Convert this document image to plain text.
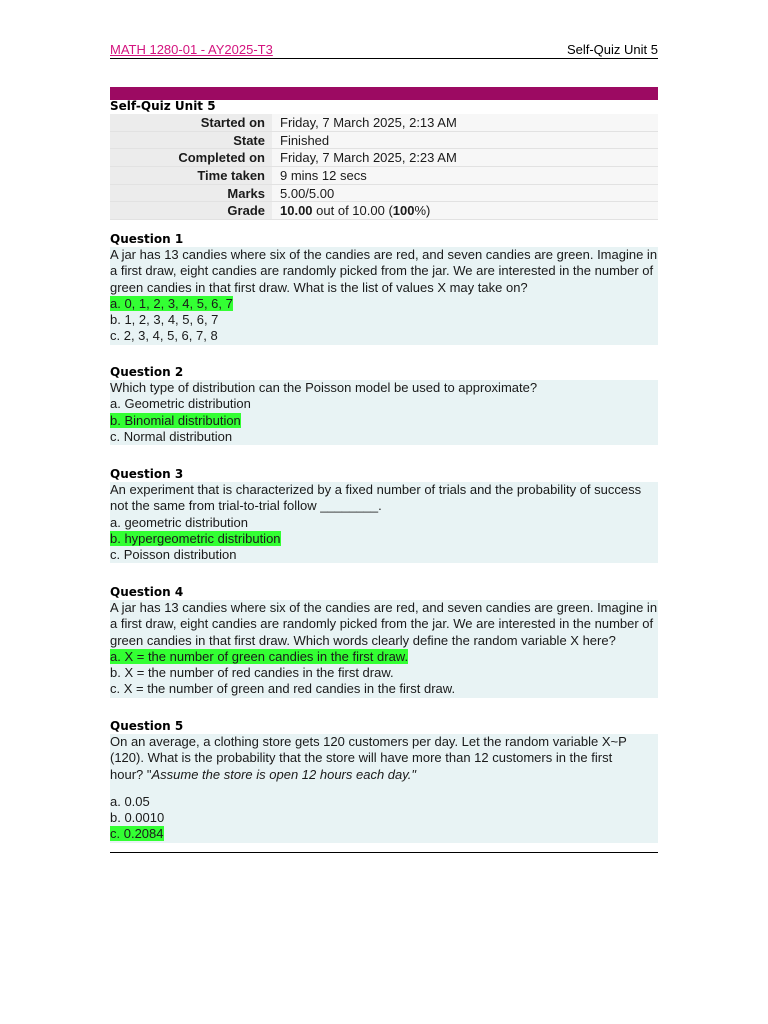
MATH 1280-01 - AY2025-T3	Self-Quiz Unit 5
Self-Quiz Unit 5
Started on	Friday, 7 March 2025, 2:13 AM
State	Finished
Completed on	Friday, 7 March 2025, 2:23 AM
Time taken	9 mins 12 secs
Marks	5.00/5.00
Grade	10.00 out of 10.00 (100%)
Question 1
A jar has 13 candies where six of the candies are red, and seven candies are green. Imagine in a first draw, eight candies are randomly picked from the jar. We are interested in the number of green candies in that first draw. What is the list of values X may take on?
a. 0, 1, 2, 3, 4, 5, 6, 7
b. 1, 2, 3, 4, 5, 6, 7
c. 2, 3, 4, 5, 6, 7, 8
Question 2
Which type of distribution can the Poisson model be used to approximate?
a. Geometric distribution
b. Binomial distribution
c. Normal distribution
Question 3
An experiment that is characterized by a fixed number of trials and the probability of success not the same from trial-to-trial follow ________.
a. geometric distribution
b. hypergeometric distribution
c. Poisson distribution
Question 4
A jar has 13 candies where six of the candies are red, and seven candies are green. Imagine in a first draw, eight candies are randomly picked from the jar. We are interested in the number of green candies in that first draw. Which words clearly define the random variable X here?
a. X = the number of green candies in the first draw.
b. X = the number of red candies in the first draw.
c. X = the number of green and red candies in the first draw.
Question 5
On an average, a clothing store gets 120 customers per day. Let the random variable X~P
(120). What is the probability that the store will have more than 12 customers in the first
hour? "Assume the store is open 12 hours each day."
a. 0.05
b. 0.0010
c. 0.2084
